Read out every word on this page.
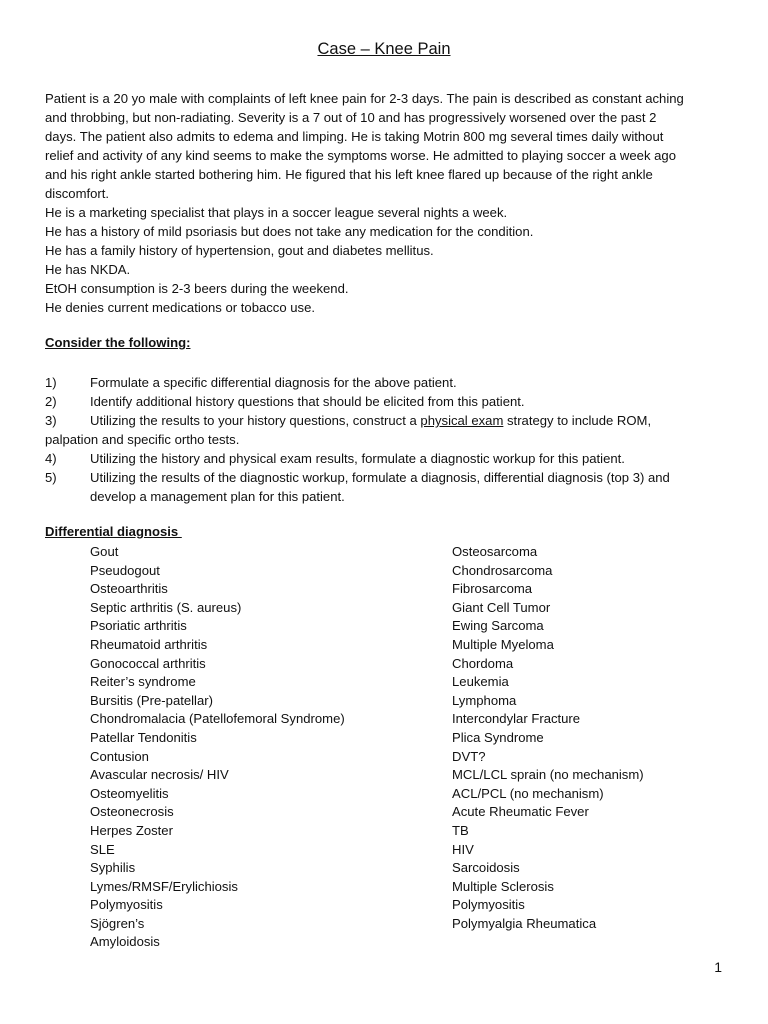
Case – Knee Pain
Patient is a 20 yo male with complaints of left knee pain for 2-3 days. The pain is described as constant aching
and throbbing, but non-radiating. Severity is a 7 out of 10 and has progressively worsened over the past 2
days. The patient also admits to edema and limping. He is taking Motrin 800 mg several times daily without
relief and activity of any kind seems to make the symptoms worse. He admitted to playing soccer a week ago
and his right ankle started bothering him. He figured that his left knee flared up because of the right ankle
discomfort.
He is a marketing specialist that plays in a soccer league several nights a week.
He has a history of mild psoriasis but does not take any medication for the condition.
He has a family history of hypertension, gout and diabetes mellitus.
He has NKDA.
EtOH consumption is 2-3 beers during the weekend.
He denies current medications or tobacco use.
Consider the following:
1)	Formulate a specific differential diagnosis for the above patient.
2)	Identify additional history questions that should be elicited from this patient.
3)	Utilizing the results to your history questions, construct a physical exam strategy to include ROM,
palpation and specific ortho tests.
4)	Utilizing the history and physical exam results, formulate a diagnostic workup for this patient.
5)	Utilizing the results of the diagnostic workup, formulate a diagnosis, differential diagnosis (top 3) and
develop a management plan for this patient.
Differential diagnosis
Gout
Pseudogout
Osteoarthritis
Septic arthritis (S. aureus)
Psoriatic arthritis
Rheumatoid arthritis
Gonococcal arthritis
Reiter’s syndrome
Bursitis (Pre-patellar)
Chondromalacia (Patellofemoral Syndrome)
Patellar Tendonitis
Contusion
Avascular necrosis/ HIV
Osteomyelitis
Osteonecrosis
Herpes Zoster
SLE
Syphilis
Lymes/RMSF/Erylichiosis
Polymyositis
Sjögren’s
Amyloidosis
Osteosarcoma
Chondrosarcoma
Fibrosarcoma
Giant Cell Tumor
Ewing Sarcoma
Multiple Myeloma
Chordoma
Leukemia
Lymphoma
Intercondylar Fracture
Plica Syndrome
DVT?
MCL/LCL sprain (no mechanism)
ACL/PCL (no mechanism)
Acute Rheumatic Fever
TB
HIV
Sarcoidosis
Multiple Sclerosis
Polymyositis
Polymyalgia Rheumatica
1
